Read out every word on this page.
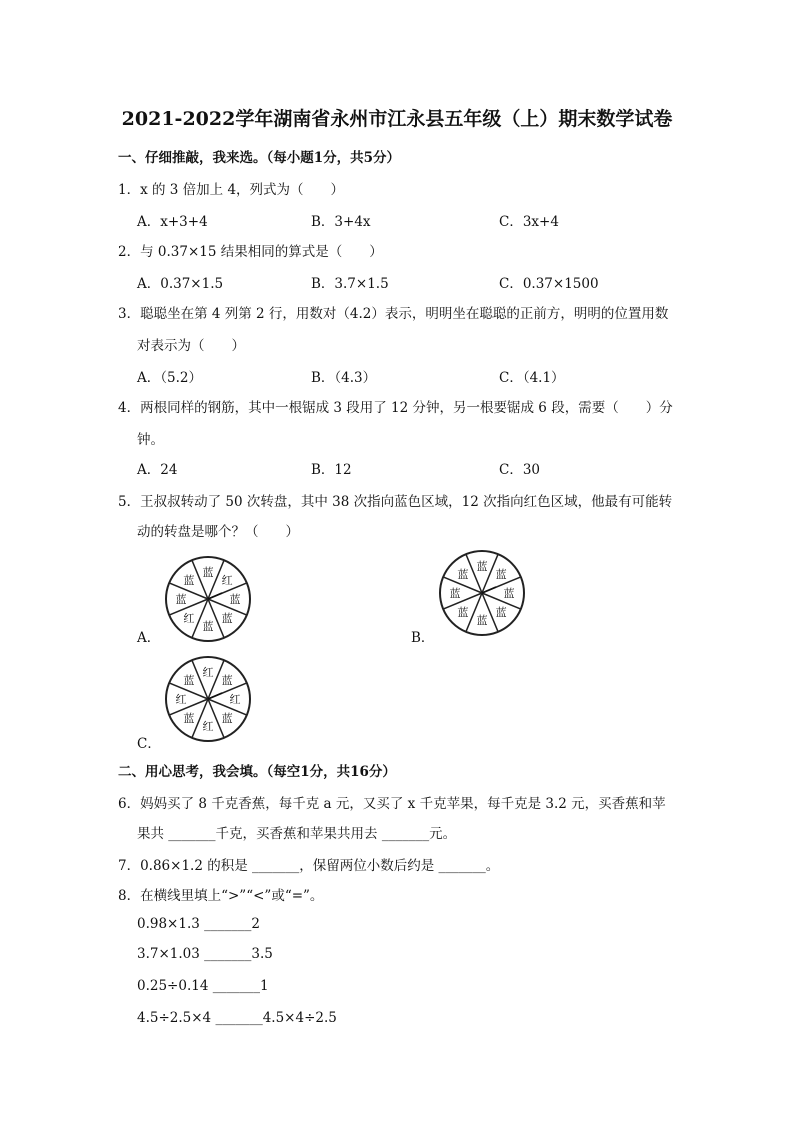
2021-2022学年湖南省永州市江永县五年级（上）期末数学试卷
一、仔细推敲，我来选。（每小题1分，共5分）
1．x 的 3 倍加上 4，列式为（　　）
A．x+3+4	B．3+4x	C．3x+4
2．与 0.37×15 结果相同的算式是（　　）
A．0.37×1.5	B．3.7×1.5	C．0.37×1500
3．聪聪坐在第 4 列第 2 行，用数对（4.2）表示，明明坐在聪聪的正前方，明明的位置用数
对表示为（　　）
A．（5.2）	B．（4.3）	C．（4.1）
4．两根同样的钢筋，其中一根锯成 3 段用了 12 分钟，另一根要锯成 6 段，需要（　　）分
钟。
A．24	B．12	C．30
5．王叔叔转动了 50 次转盘，其中 38 次指向蓝色区域，12 次指向红色区域，他最有可能转
动的转盘是哪个？（　　）
A．
蓝
红
蓝
蓝
蓝
红
蓝
蓝
B．
蓝
蓝
蓝
蓝
蓝
蓝
蓝
蓝
C．
红
蓝
红
蓝
红
蓝
红
蓝
二、用心思考，我会填。（每空1分，共16分）
6．妈妈买了 8 千克香蕉，每千克 a 元，又买了 x 千克苹果，每千克是 3.2 元，买香蕉和苹
果共 _______千克，买香蕉和苹果共用去 _______元。
7．0.86×1.2 的积是 _______，保留两位小数后约是 _______。
8．在横线里填上“>”“<”或“=”。
0.98×1.3 _______2
3.7×1.03 _______3.5
0.25÷0.14 _______1
4.5÷2.5×4 _______4.5×4÷2.5
